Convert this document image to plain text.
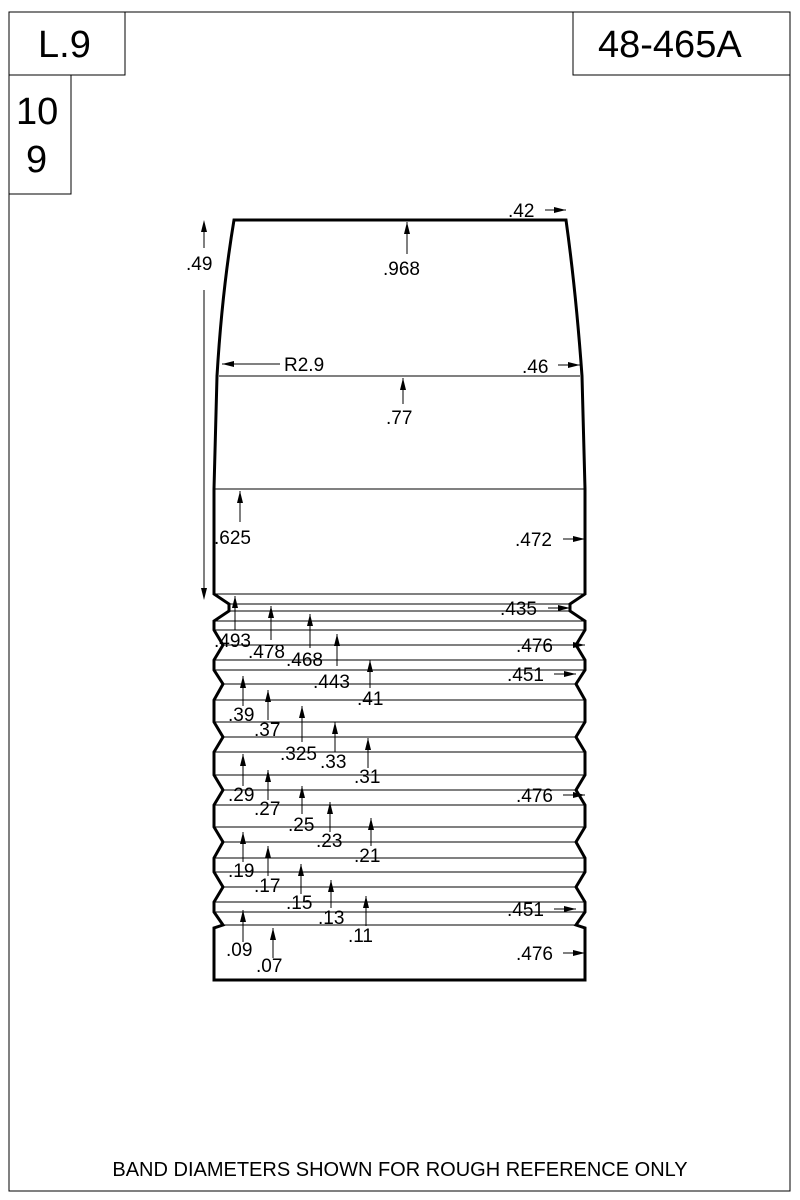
L.9	48-465A
10
9
.42
.49	.968
R2.9	.46
.77
.625	.472
.435
.476
.451
.476
.451
.476
.493
.478 .468
.443
.41
.39
.37
.325 .33
.31
.29
.27
.25
.23
.21
.19
.17
.15
.13
.11
.09
.07
BAND DIAMETERS SHOWN FOR ROUGH REFERENCE ONLY
